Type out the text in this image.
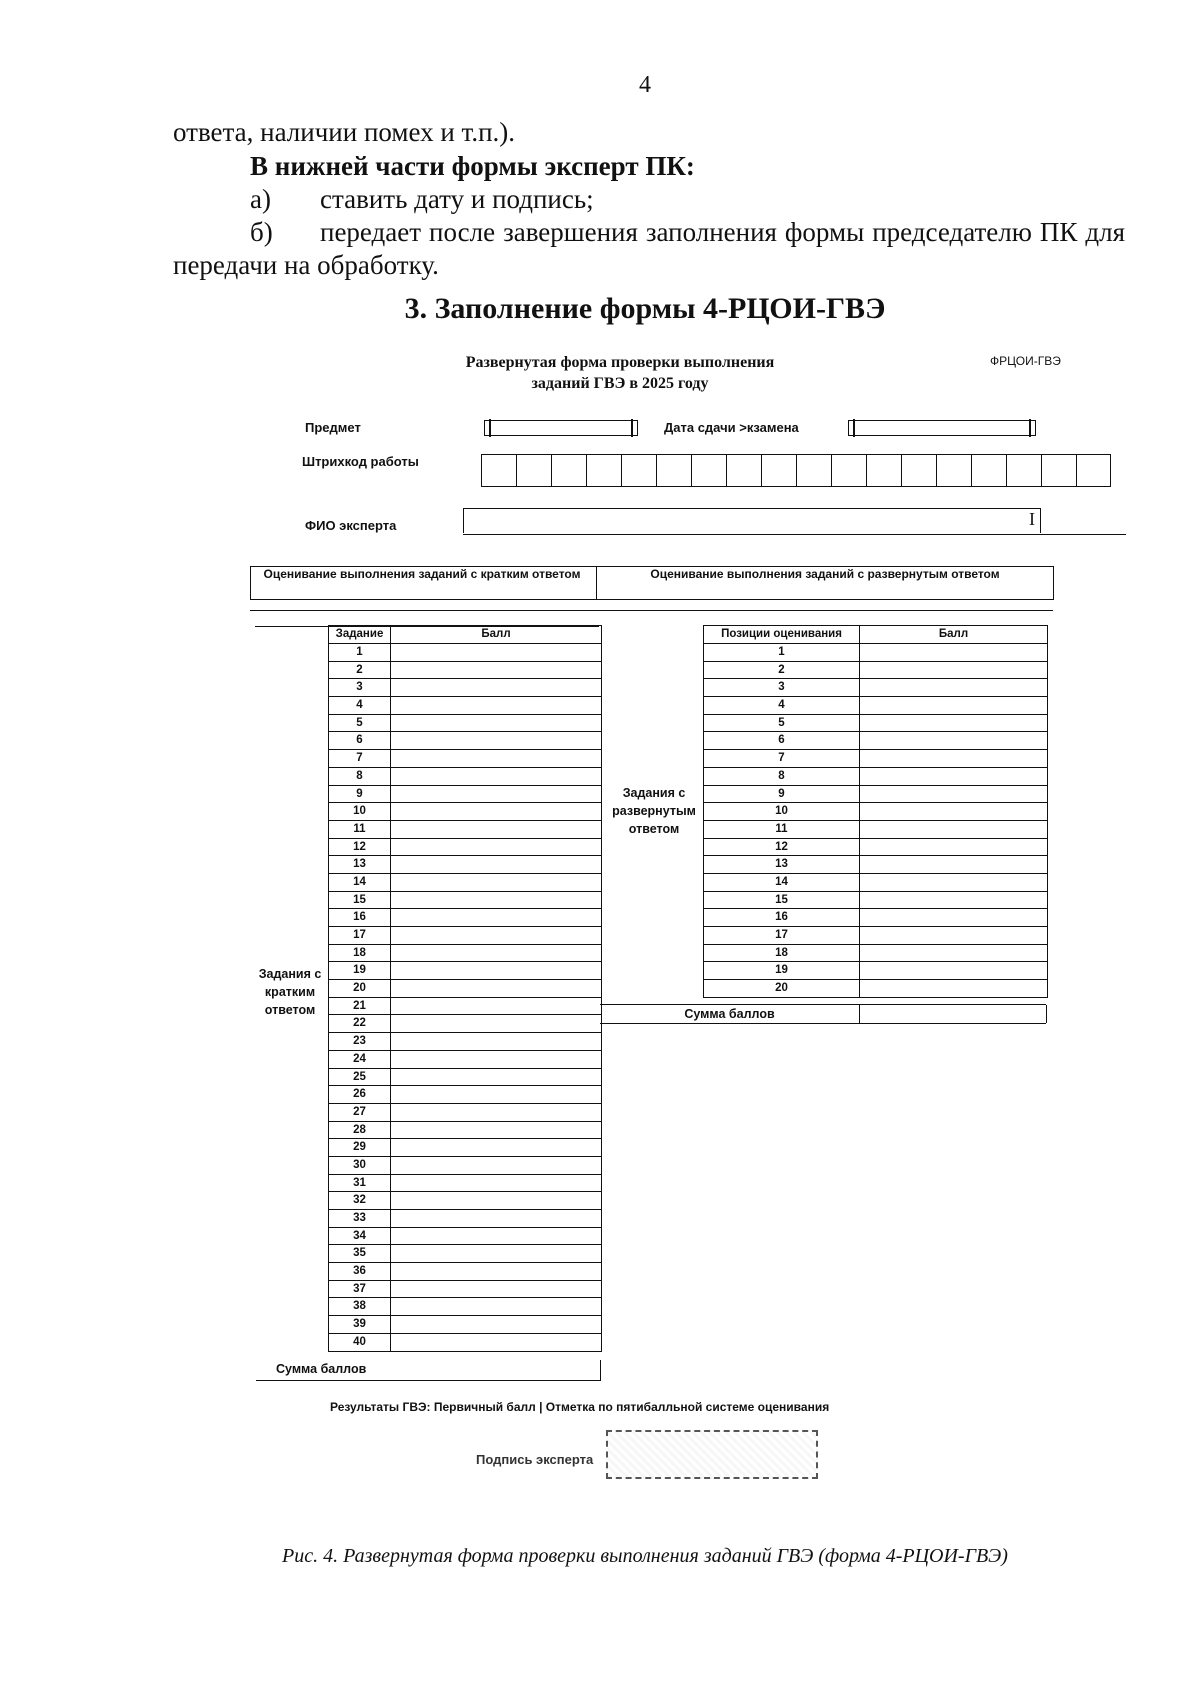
4
ответа, наличии помех и т.п.).
В нижней части формы эксперт ПК:
а) ставить дату и подпись;
б) передает после завершения заполнения формы председателю ПК для
передачи на обработку.
3. Заполнение формы 4-РЦОИ-ГВЭ
Развернутая форма проверки выполнения
заданий ГВЭ в 2025 году
ФРЦОИ-ГВЭ
Предмет	Дата сдачи >кзамена
Штрихкод работы
ФИО эксперта	I
Оценивание выполнения заданий с кратким ответом	Оценивание выполнения заданий с развернутым ответом
Задание	Балл
1
2
3
4
5
6
7
8
9
10
11
12
13
14
15
16
17
18
19
20
21
22
23
24
25
26
27
28
29
30
31
32
33
34
35
36
37
38
39
40
Задания с кратким ответом
Сумма баллов
Задания с развернутым ответом
Позиции оценивания	Балл
1
2
3
4
5
6
7
8
9
10
11
12
13
14
15
16
17
18
19
20
Сумма баллов
Результаты ГВЭ: Первичный балл | Отметка по пятибалльной системе оценивания
Подпись эксперта
Рис. 4. Развернутая форма проверки выполнения заданий ГВЭ (форма 4-РЦОИ-ГВЭ)
